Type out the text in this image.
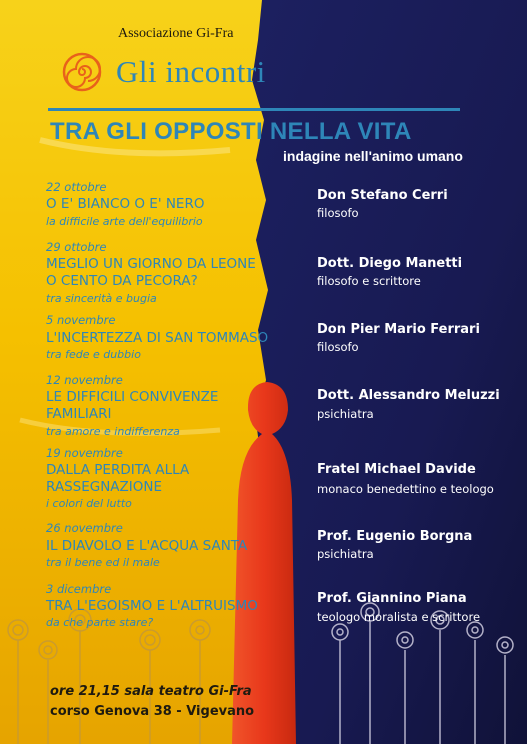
Associazione Gi-Fra
Gli incontri
TRA GLI OPPOSTI NELLA VITA
indagine nell'animo umano
22 ottobre
O E' BIANCO O E' NERO
la difficile arte dell'equilibrio
Don Stefano Cerri
filosofo
29 ottobre
MEGLIO UN GIORNO DA LEONE
O CENTO DA PECORA?
tra sincerità e bugia
Dott. Diego Manetti
filosofo e scrittore
5 novembre
L'INCERTEZZA DI SAN TOMMASO
tra fede e dubbio
Don Pier Mario Ferrari
filosofo
12 novembre
LE DIFFICILI CONVIVENZE
FAMILIARI
tra amore e indifferenza
Dott. Alessandro Meluzzi
psichiatra
19 novembre
DALLA PERDITA ALLA
RASSEGNAZIONE
i colori del lutto
Fratel Michael Davide
monaco benedettino e teologo
26 novembre
IL DIAVOLO E L'ACQUA SANTA
tra il bene ed il male
Prof. Eugenio Borgna
psichiatra
3 dicembre
TRA L'EGOISMO E L'ALTRUISMO
da che parte stare?
Prof. Giannino Piana
teologo moralista e scrittore
ore 21,15 sala teatro Gi-Fra
corso Genova 38 - Vigevano
